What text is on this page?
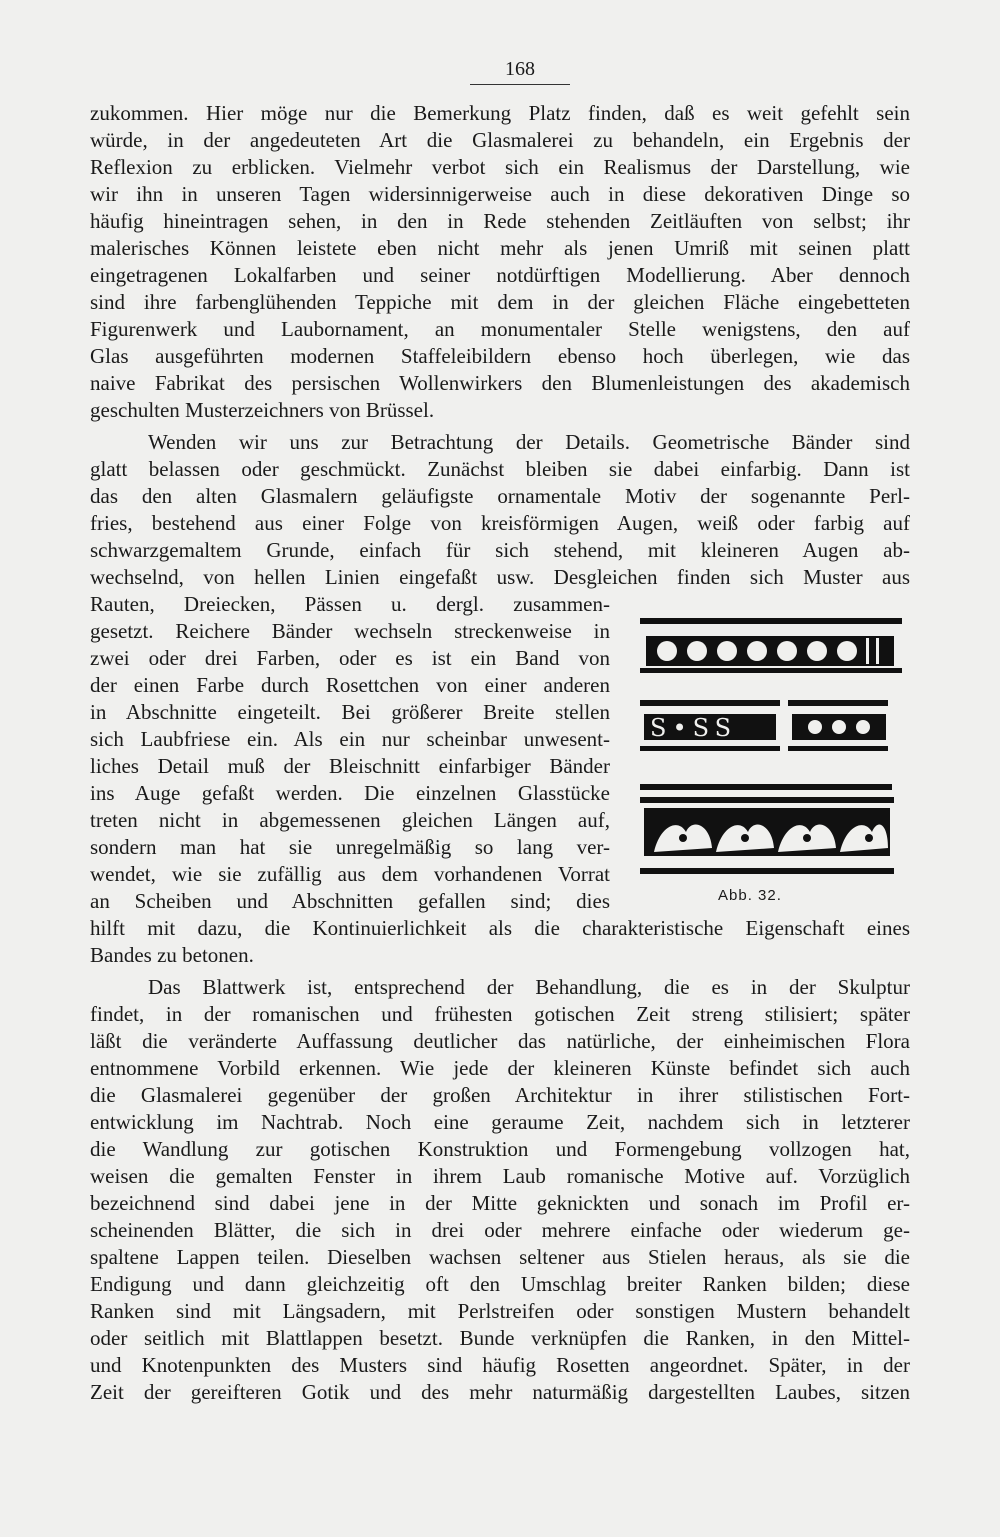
168
zukommen. Hier möge nur die Bemerkung Platz finden, daß es weit gefehlt sein
würde, in der angedeuteten Art die Glasmalerei zu behandeln, ein Ergebnis der
Reflexion zu erblicken. Vielmehr verbot sich ein Realismus der Darstellung, wie
wir ihn in unseren Tagen widersinnigerweise auch in diese dekorativen Dinge so
häufig hineintragen sehen, in den in Rede stehenden Zeitläuften von selbst; ihr
malerisches Können leistete eben nicht mehr als jenen Umriß mit seinen platt
eingetragenen Lokalfarben und seiner notdürftigen Modellierung. Aber dennoch
sind ihre farbenglühenden Teppiche mit dem in der gleichen Fläche eingebetteten
Figurenwerk und Laubornament, an monumentaler Stelle wenigstens, den auf
Glas ausgeführten modernen Staffeleibildern ebenso hoch überlegen, wie das
naive Fabrikat des persischen Wollenwirkers den Blumenleistungen des akademisch
geschulten Musterzeichners von Brüssel.
Wenden wir uns zur Betrachtung der Details. Geometrische Bänder sind
glatt belassen oder geschmückt. Zunächst bleiben sie dabei einfarbig. Dann ist
das den alten Glasmalern geläufigste ornamentale Motiv der sogenannte Perl-
fries, bestehend aus einer Folge von kreisförmigen Augen, weiß oder farbig auf
schwarzgemaltem Grunde, einfach für sich stehend, mit kleineren Augen ab-
wechselnd, von hellen Linien eingefaßt usw. Desgleichen finden sich Muster aus
Rauten, Dreiecken, Pässen u. dergl. zusammen-
gesetzt. Reichere Bänder wechseln streckenweise in
zwei oder drei Farben, oder es ist ein Band von
der einen Farbe durch Rosettchen von einer anderen
in Abschnitte eingeteilt. Bei größerer Breite stellen
sich Laubfriese ein. Als ein nur scheinbar unwesent-
liches Detail muß der Bleischnitt einfarbiger Bänder
ins Auge gefaßt werden. Die einzelnen Glasstücke
treten nicht in abgemessenen gleichen Längen auf,
sondern man hat sie unregelmäßig so lang ver-
wendet, wie sie zufällig aus dem vorhandenen Vorrat
an Scheiben und Abschnitten gefallen sind; dies
hilft mit dazu, die Kontinuierlichkeit als die charakteristische Eigenschaft eines
Bandes zu betonen.
Das Blattwerk ist, entsprechend der Behandlung, die es in der Skulptur
findet, in der romanischen und frühesten gotischen Zeit streng stilisiert; später
läßt die veränderte Auffassung deutlicher das natürliche, der einheimischen Flora
entnommene Vorbild erkennen. Wie jede der kleineren Künste befindet sich auch
die Glasmalerei gegenüber der großen Architektur in ihrer stilistischen Fort-
entwicklung im Nachtrab. Noch eine geraume Zeit, nachdem sich in letzterer
die Wandlung zur gotischen Konstruktion und Formengebung vollzogen hat,
weisen die gemalten Fenster in ihrem Laub romanische Motive auf. Vorzüglich
bezeichnend sind dabei jene in der Mitte geknickten und sonach im Profil er-
scheinenden Blätter, die sich in drei oder mehrere einfache oder wiederum ge-
spaltene Lappen teilen. Dieselben wachsen seltener aus Stielen heraus, als sie die
Endigung und dann gleichzeitig oft den Umschlag breiter Ranken bilden; diese
Ranken sind mit Längsadern, mit Perlstreifen oder sonstigen Mustern behandelt
oder seitlich mit Blattlappen besetzt. Bunde verknüpfen die Ranken, in den Mittel-
und Knotenpunkten des Musters sind häufig Rosetten angeordnet. Später, in der
Zeit der gereifteren Gotik und des mehr naturmäßig dargestellten Laubes, sitzen
S•SS
Abb. 32.
